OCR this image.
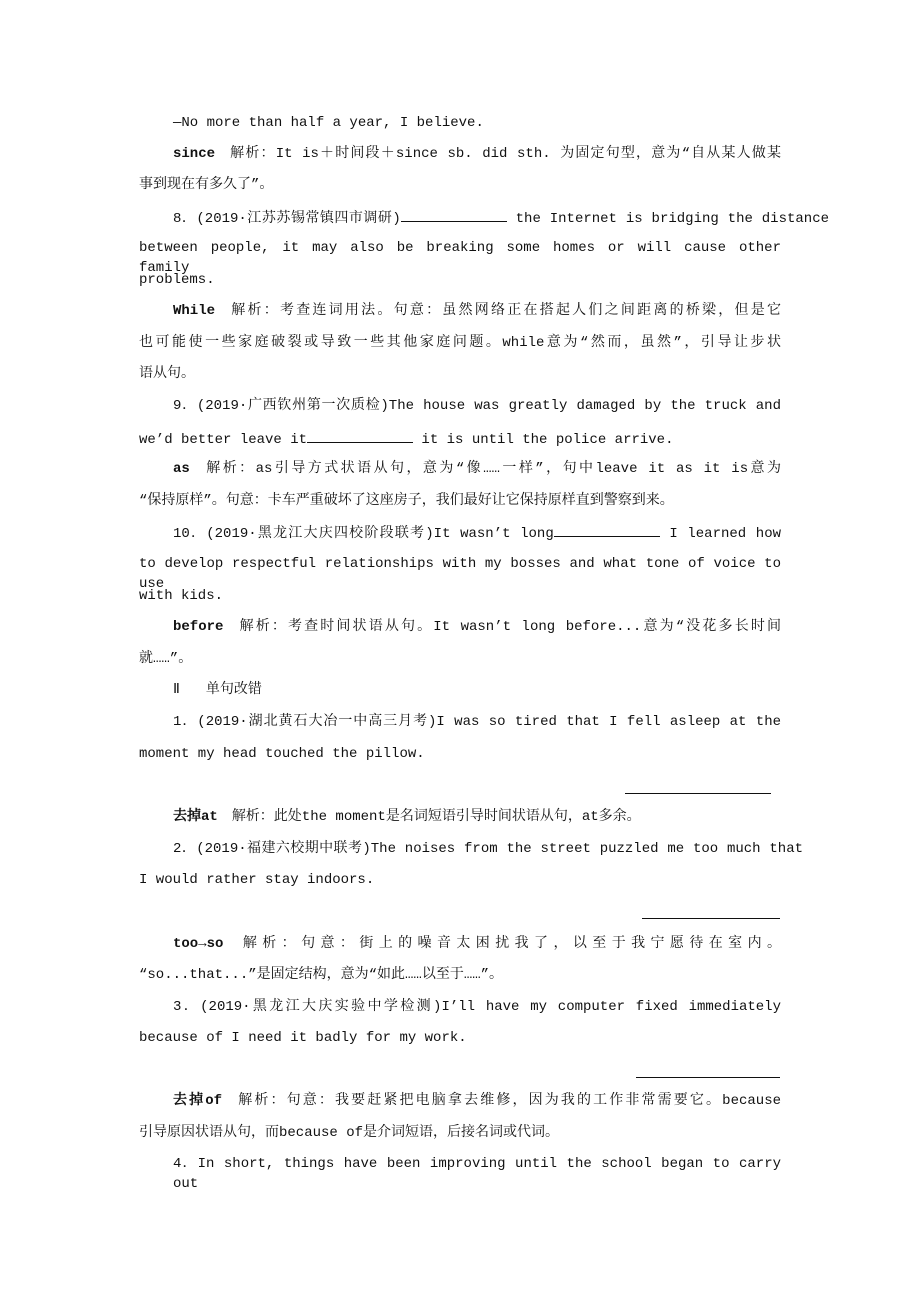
—No more than half a year, I believe.
since 解析：It is＋时间段＋since sb. did sth. 为固定句型，意为“自从某人做某
事到现在有多久了”。
8．(2019·江苏苏锡常镇四市调研)	the Internet is bridging the distance
between people, it may also be breaking some homes or will cause other family
problems.
While 解析：考查连词用法。句意：虽然网络正在搭起人们之间距离的桥梁，但是它
也可能使一些家庭破裂或导致一些其他家庭问题。while意为“然而，虽然”，引导让步状
语从句。
9．(2019·广西钦州第一次质检)The house was greatly damaged by the truck and
we’d better leave it	it is until the police arrive.
as 解析：as引导方式状语从句，意为“像……一样”，句中leave it as it is意为
“保持原样”。句意：卡车严重破坏了这座房子，我们最好让它保持原样直到警察到来。
10．(2019·黑龙江大庆四校阶段联考)It wasn’t long	I learned how
to develop respectful relationships with my bosses and what tone of voice to use
with kids.
before 解析：考查时间状语从句。It wasn’t long before...意为“没花多长时间
就……”。
Ⅱ 单句改错
1．(2019·湖北黄石大冶一中高三月考)I was so tired that I fell asleep at the
moment my head touched the pillow.
去掉at 解析：此处the moment是名词短语引导时间状语从句，at多余。
2．(2019·福建六校期中联考)The noises from the street puzzled me too much that
I would rather stay indoors.
too→so 解析：句意：街上的噪音太困扰我了，以至于我宁愿待在室内。
“so...that...”是固定结构，意为“如此……以至于……”。
3．(2019·黑龙江大庆实验中学检测)I’ll have my computer fixed immediately
because of I need it badly for my work.
去掉of 解析：句意：我要赶紧把电脑拿去维修，因为我的工作非常需要它。because
引导原因状语从句，而because of是介词短语，后接名词或代词。
4．In short, things have been improving until the school began to carry out
